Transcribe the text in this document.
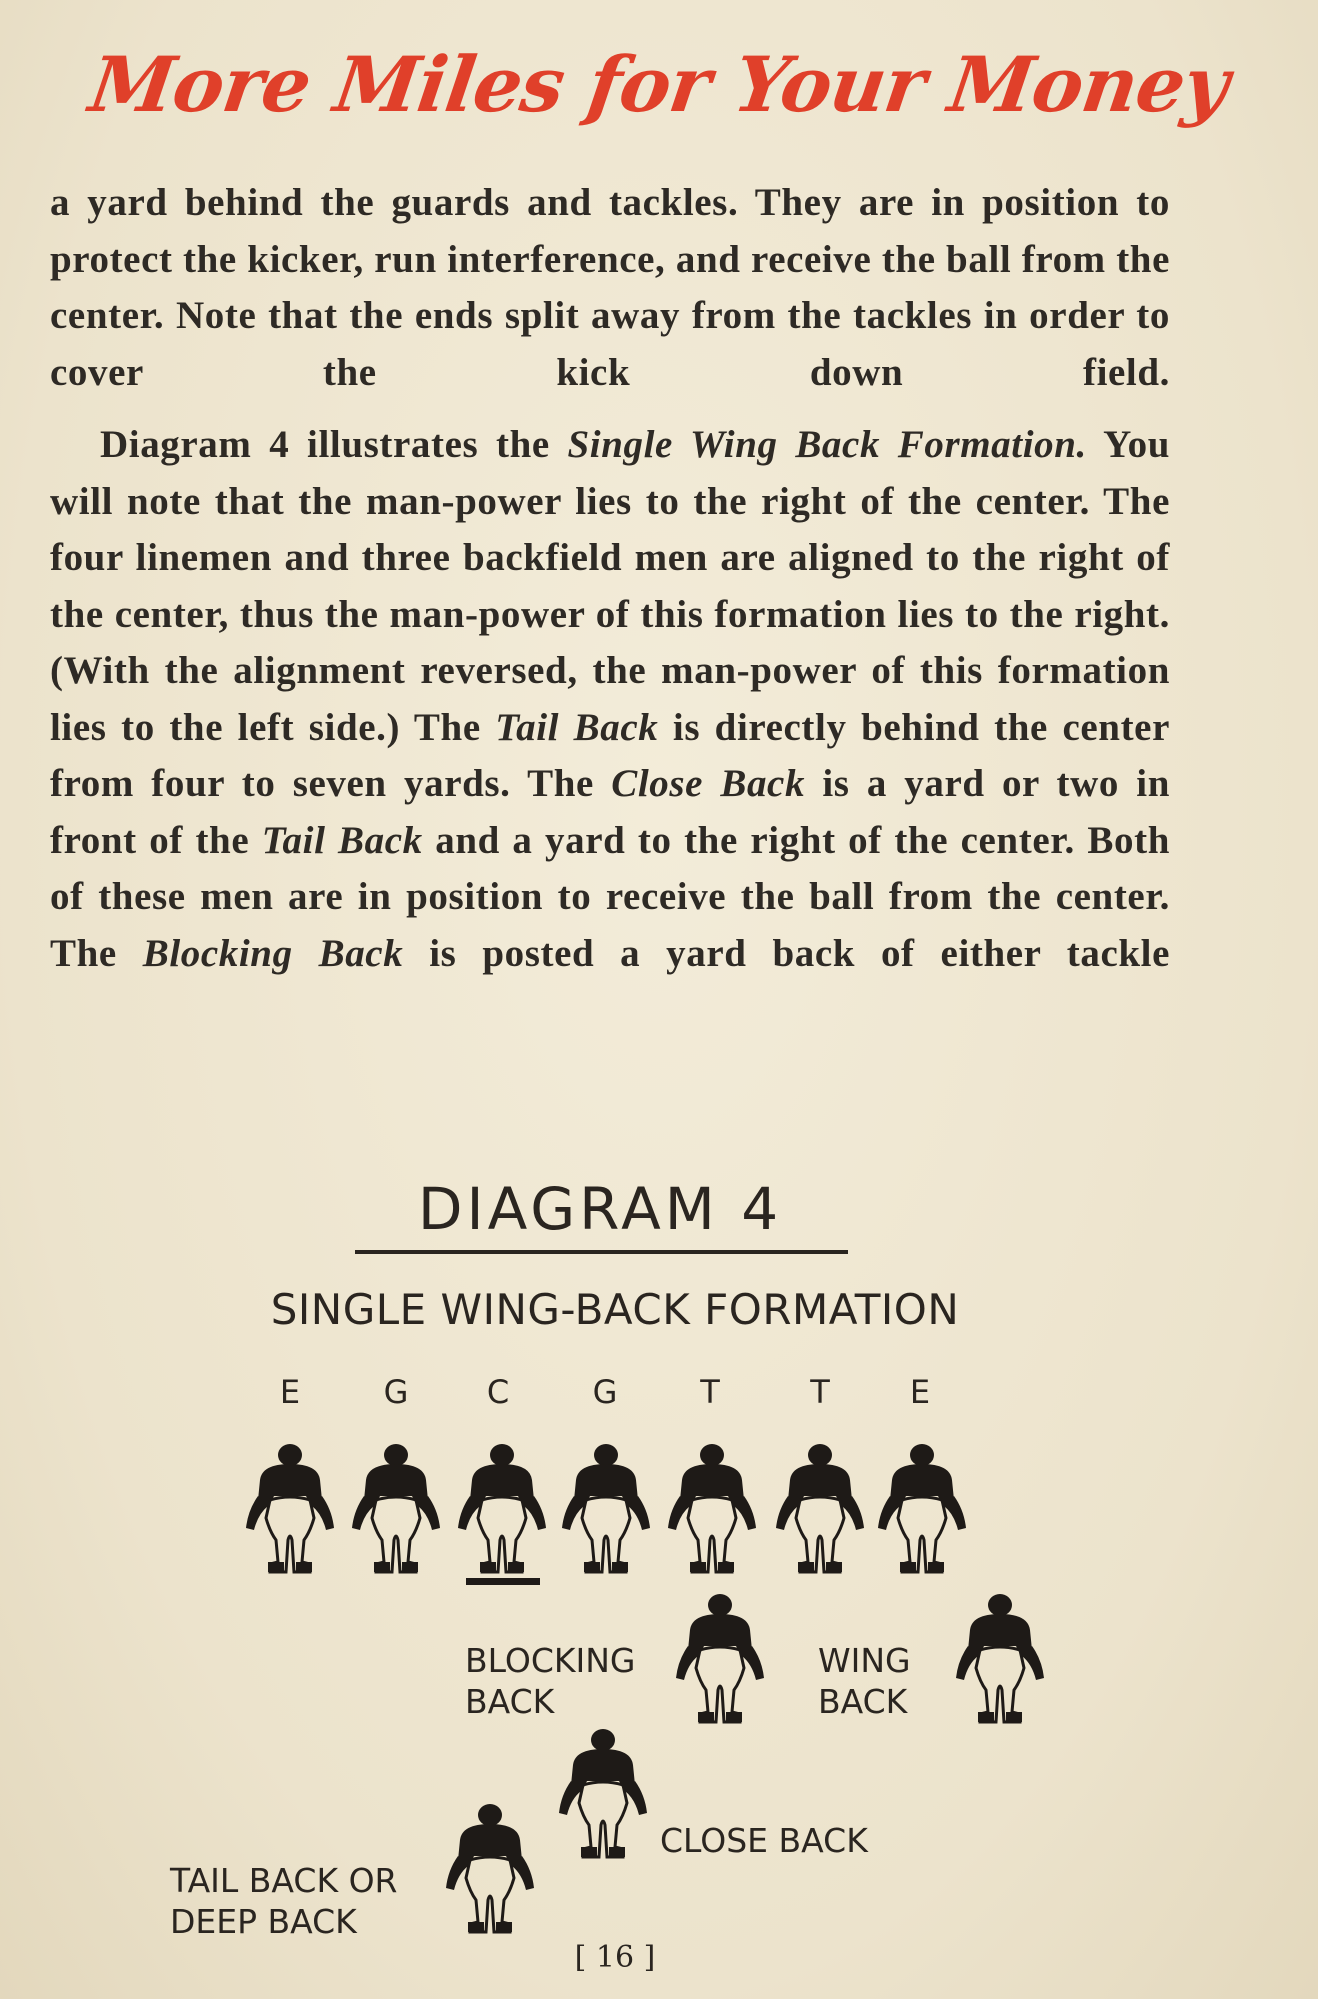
More Miles for Your Money

a yard behind the guards and tackles. They are in position to protect the kicker, run interference, and receive the ball from the center. Note that the ends split away from the tackles in order to cover the kick down field.

Diagram 4 illustrates the Single Wing Back Formation. You will note that the man-power lies to the right of the center. The four linemen and three backfield men are aligned to the right of the center, thus the man-power of this formation lies to the right. (With the alignment reversed, the man-power of this formation lies to the left side.) The Tail Back is directly behind the center from four to seven yards. The Close Back is a yard or two in front of the Tail Back and a yard to the right of the center. Both of these men are in position to receive the ball from the center. The Blocking Back is posted a yard back of either tackle

DIAGRAM 4
SINGLE WING-BACK FORMATION
E	G	C	G	T	T	E
BLOCKING
BACK
WING
BACK
CLOSE BACK
TAIL BACK OR
DEEP BACK
[ 16 ]
